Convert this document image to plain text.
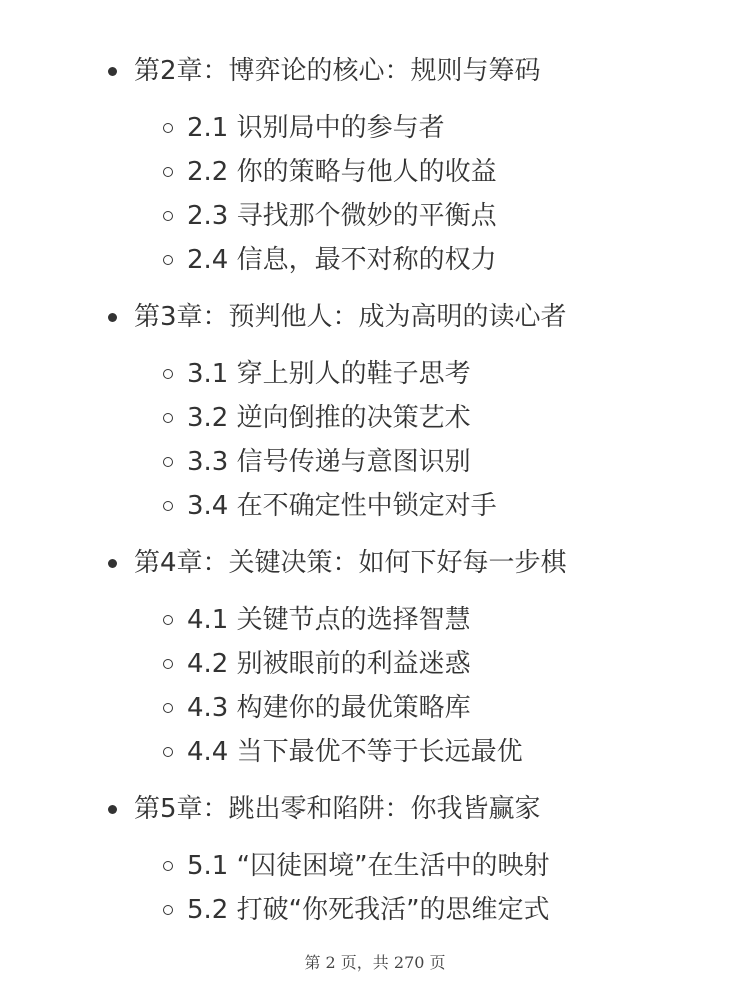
第2章：博弈论的核心：规则与筹码
2.1 识别局中的参与者
2.2 你的策略与他人的收益
2.3 寻找那个微妙的平衡点
2.4 信息，最不对称的权力
第3章：预判他人：成为高明的读心者
3.1 穿上别人的鞋子思考
3.2 逆向倒推的决策艺术
3.3 信号传递与意图识别
3.4 在不确定性中锁定对手
第4章：关键决策：如何下好每一步棋
4.1 关键节点的选择智慧
4.2 别被眼前的利益迷惑
4.3 构建你的最优策略库
4.4 当下最优不等于长远最优
第5章：跳出零和陷阱：你我皆赢家
5.1 “囚徒困境”在生活中的映射
5.2 打破“你死我活”的思维定式
第 2 页，共 270 页
